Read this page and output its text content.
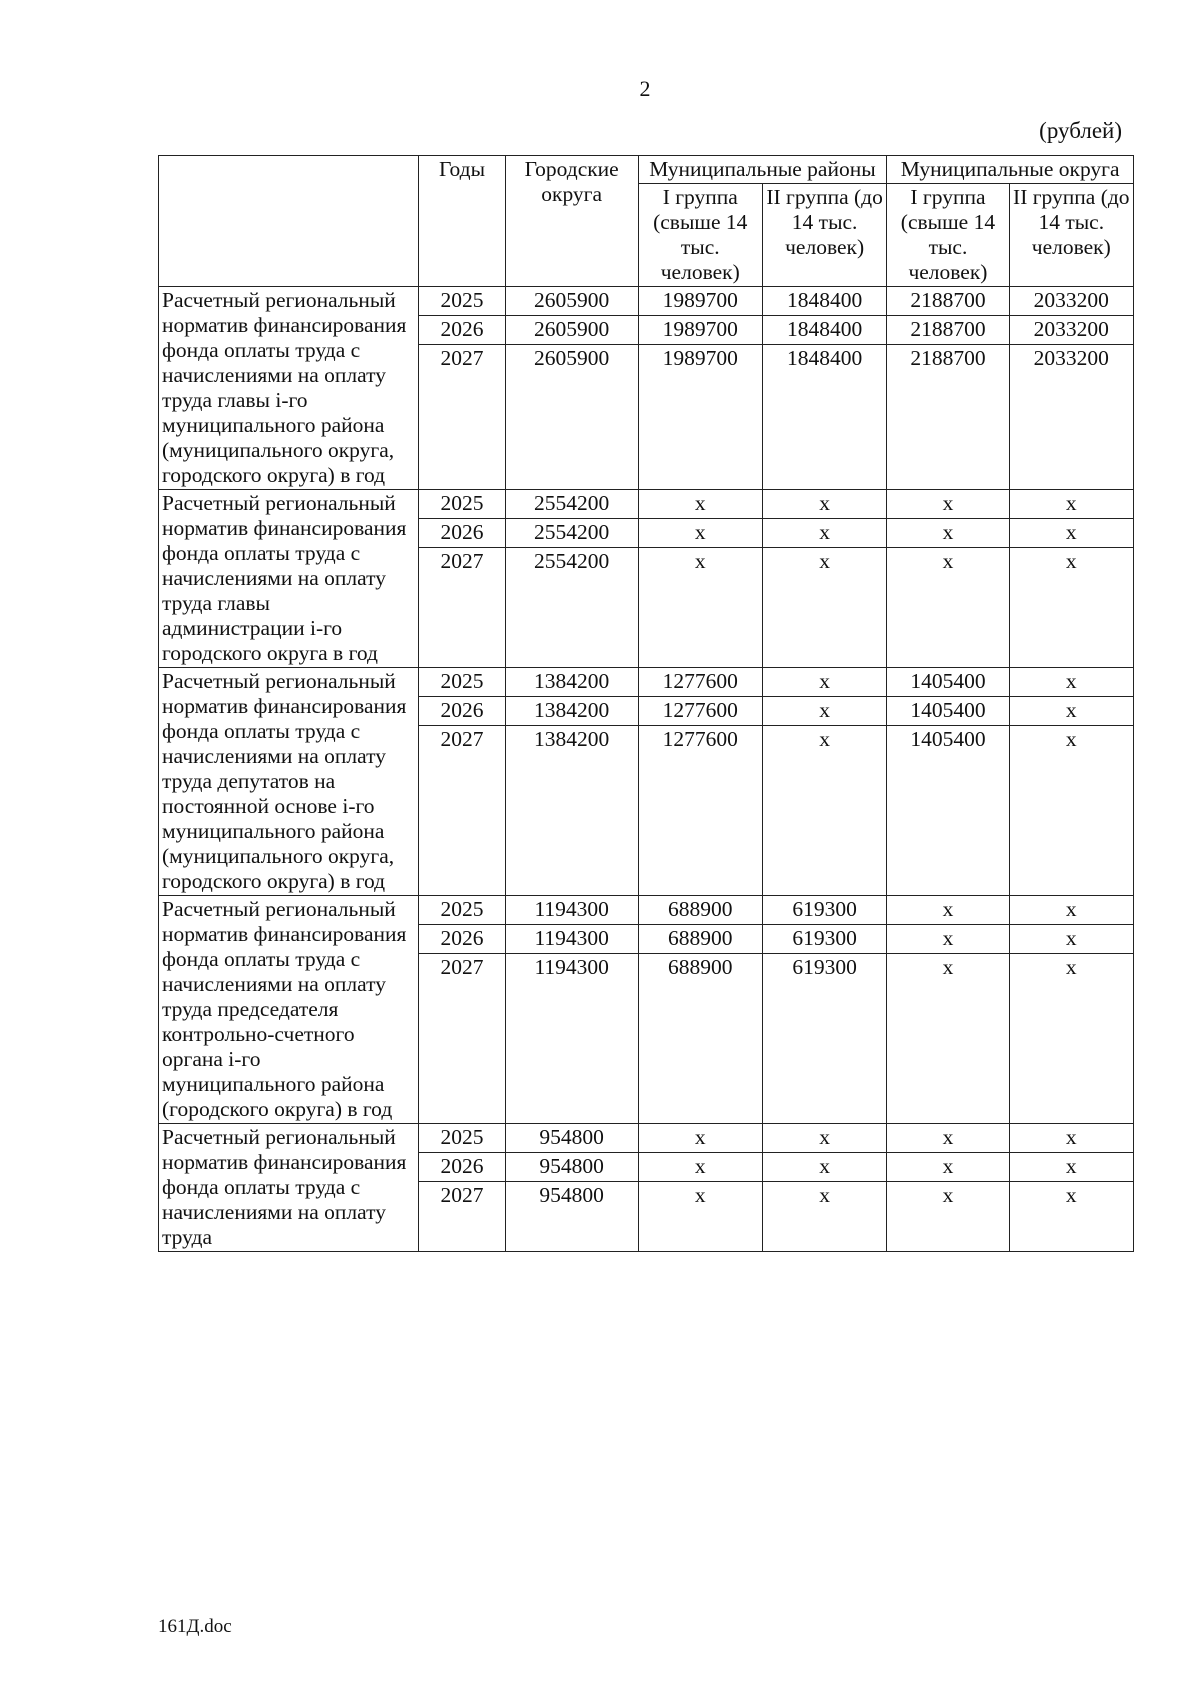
2
(рублей)
	Годы	Городские округа	Муниципальные районы		Муниципальные округа	
			I группа (свыше 14 тыс. человек)	II группа (до 14 тыс. человек)	I группа (свыше 14 тыс. человек)	II группа (до 14 тыс. человек)
Расчетный региональный норматив финансирования фонда оплаты труда с начислениями на оплату труда главы i-го муниципального района (муниципального округа, городского округа) в год	2025	2605900	1989700	1848400	2188700	2033200
	2026	2605900	1989700	1848400	2188700	2033200
	2027	2605900	1989700	1848400	2188700	2033200
Расчетный региональный норматив финансирования фонда оплаты труда с начислениями на оплату труда главы администрации i-го городского округа в год	2025	2554200	x	x	x	x
	2026	2554200	x	x	x	x
	2027	2554200	x	x	x	x
Расчетный региональный норматив финансирования фонда оплаты труда с начислениями на оплату труда депутатов на постоянной основе i-го муниципального района (муниципального округа, городского округа) в год	2025	1384200	1277600	x	1405400	x
	2026	1384200	1277600	x	1405400	x
	2027	1384200	1277600	x	1405400	x
Расчетный региональный норматив финансирования фонда оплаты труда с начислениями на оплату труда председателя контрольно-счетного органа i-го муниципального района (городского округа) в год	2025	1194300	688900	619300	x	x
	2026	1194300	688900	619300	x	x
	2027	1194300	688900	619300	x	x
Расчетный региональный норматив финансирования фонда оплаты труда с начислениями на оплату труда	2025	954800	x	x	x	x
	2026	954800	x	x	x	x
	2027	954800	x	x	x	x
161Д.doc
